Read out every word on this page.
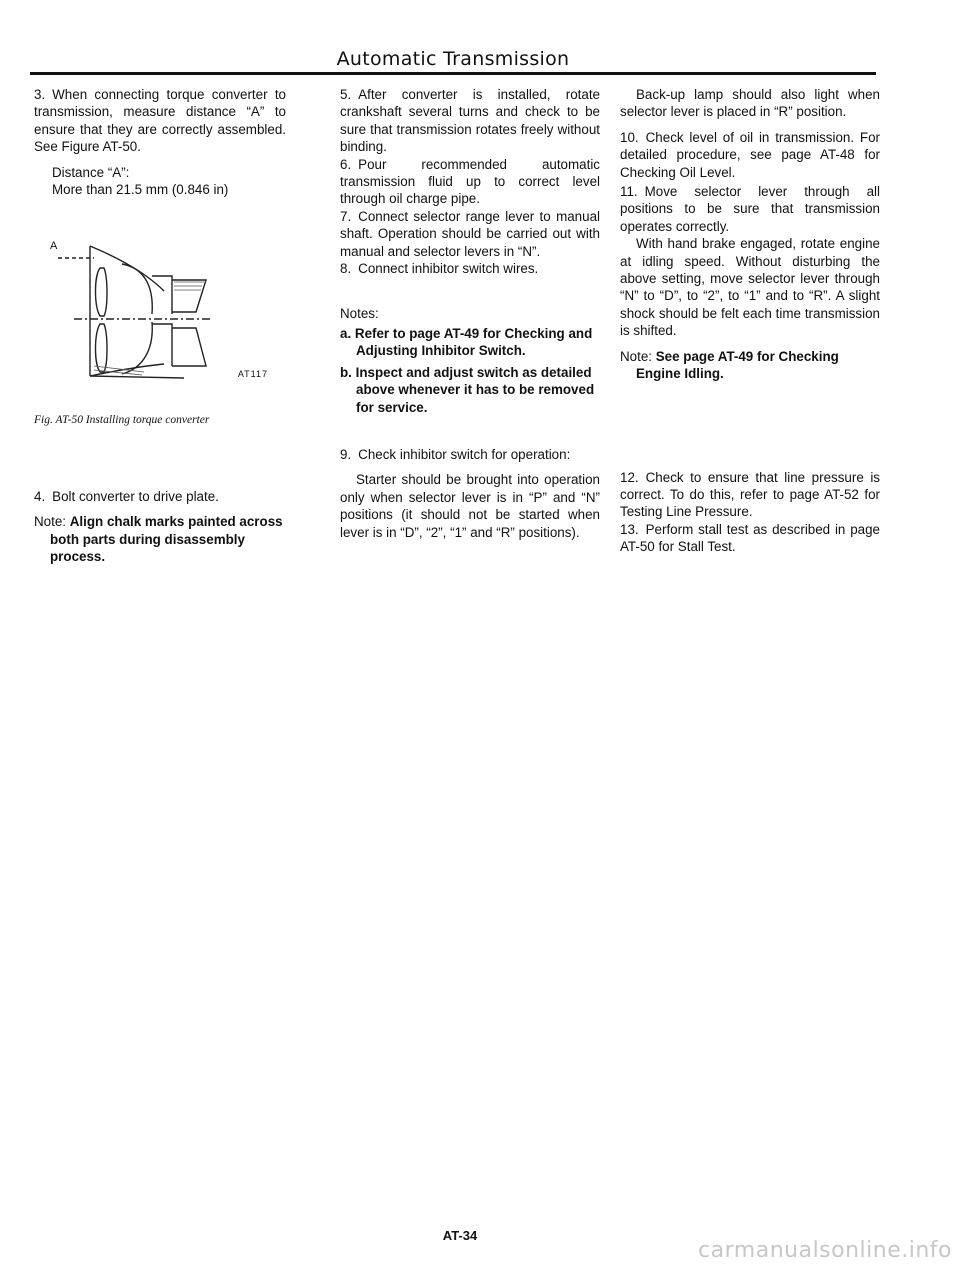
Automatic Transmission

3. When connecting torque converter to transmission, measure distance “A” to ensure that they are correctly assembled. See Figure AT-50.

Distance “A”:
More than 21.5 mm (0.846 in)

A
AT117
Fig. AT-50 Installing torque converter

4. Bolt converter to drive plate.

Note: Align chalk marks painted across both parts during disassembly process.

5. After converter is installed, rotate crankshaft several turns and check to be sure that transmission rotates freely without binding.

6. Pour recommended automatic transmission fluid up to correct level through oil charge pipe.

7. Connect selector range lever to manual shaft. Operation should be carried out with manual and selector levers in “N”.

8. Connect inhibitor switch wires.

Notes:

a. Refer to page AT-49 for Checking and Adjusting Inhibitor Switch.

b. Inspect and adjust switch as detailed above whenever it has to be removed for service.

9. Check inhibitor switch for operation:

Starter should be brought into operation only when selector lever is in “P” and “N” positions (it should not be started when lever is in “D”, “2”, “1” and “R” positions).

Back-up lamp should also light when selector lever is placed in “R” position.

10. Check level of oil in transmission. For detailed procedure, see page AT-48 for Checking Oil Level.

11. Move selector lever through all positions to be sure that transmission operates correctly.

With hand brake engaged, rotate engine at idling speed. Without disturbing the above setting, move selector lever through “N” to “D”, to “2”, to “1” and to “R”. A slight shock should be felt each time transmission is shifted.

Note: See page AT-49 for Checking Engine Idling.

12. Check to ensure that line pressure is correct. To do this, refer to page AT-52 for Testing Line Pressure.

13. Perform stall test as described in page AT-50 for Stall Test.

AT-34
carmanualsonline.info
